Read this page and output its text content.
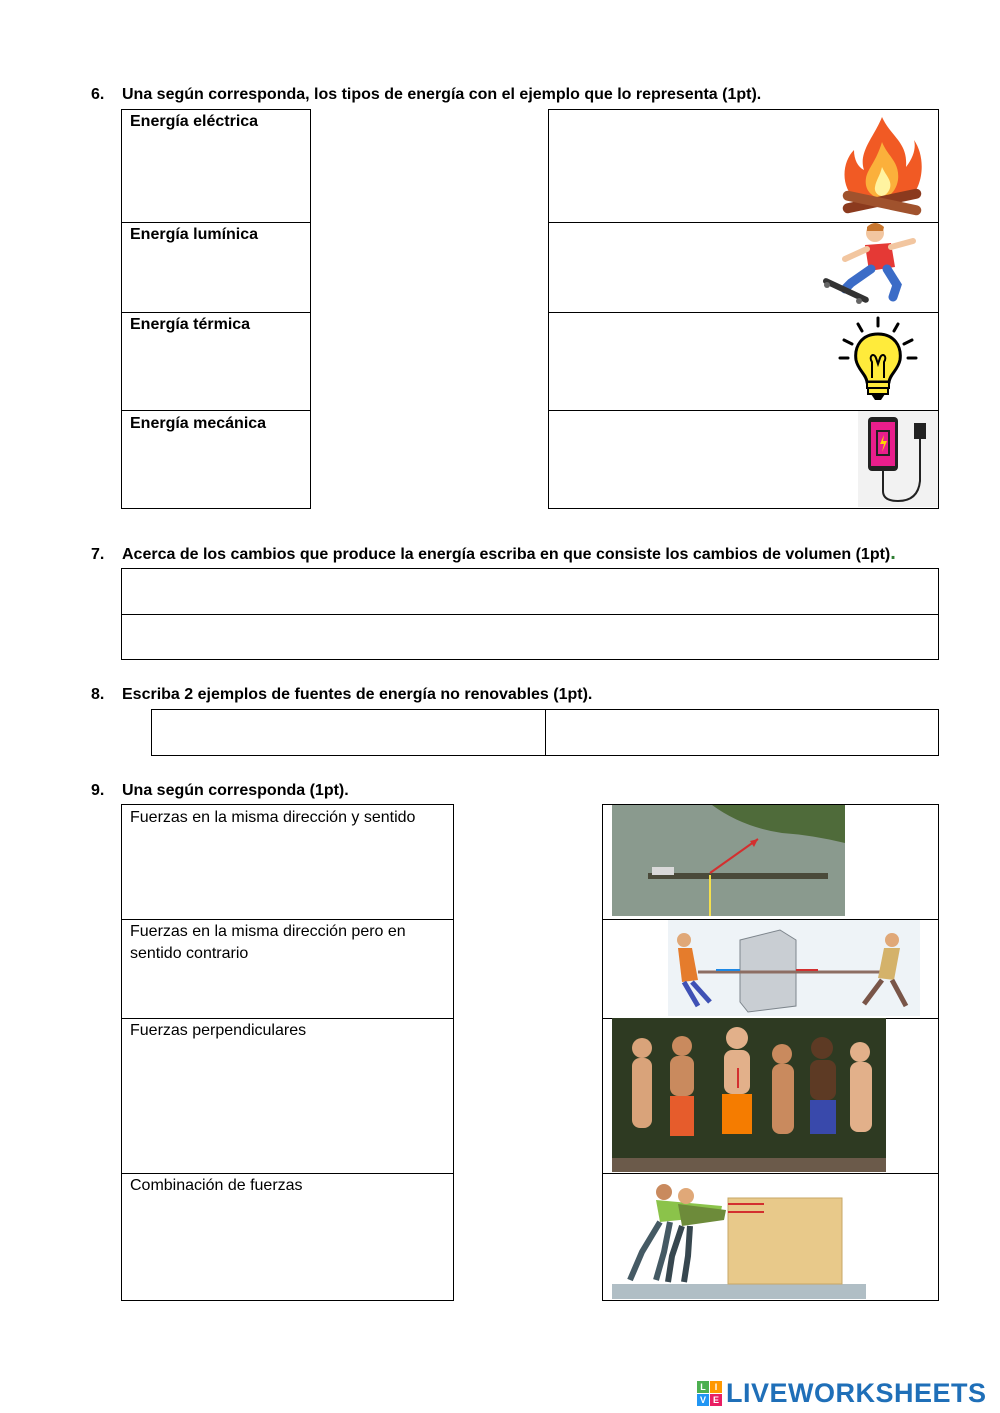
6. Una según corresponda, los tipos de energía con el ejemplo que lo representa (1pt).
Energía eléctrica
Energía lumínica
Energía térmica
Energía mecánica
7. Acerca de los cambios que produce la energía escriba en que consiste los cambios de volumen (1pt).
8. Escriba 2 ejemplos de fuentes de energía no renovables (1pt).
9. Una según corresponda (1pt).
Fuerzas en la misma dirección y sentido
Fuerzas en la misma dirección pero en sentido contrario
Fuerzas perpendiculares
Combinación de fuerzas
L I
V E LIVEWORKSHEETS
